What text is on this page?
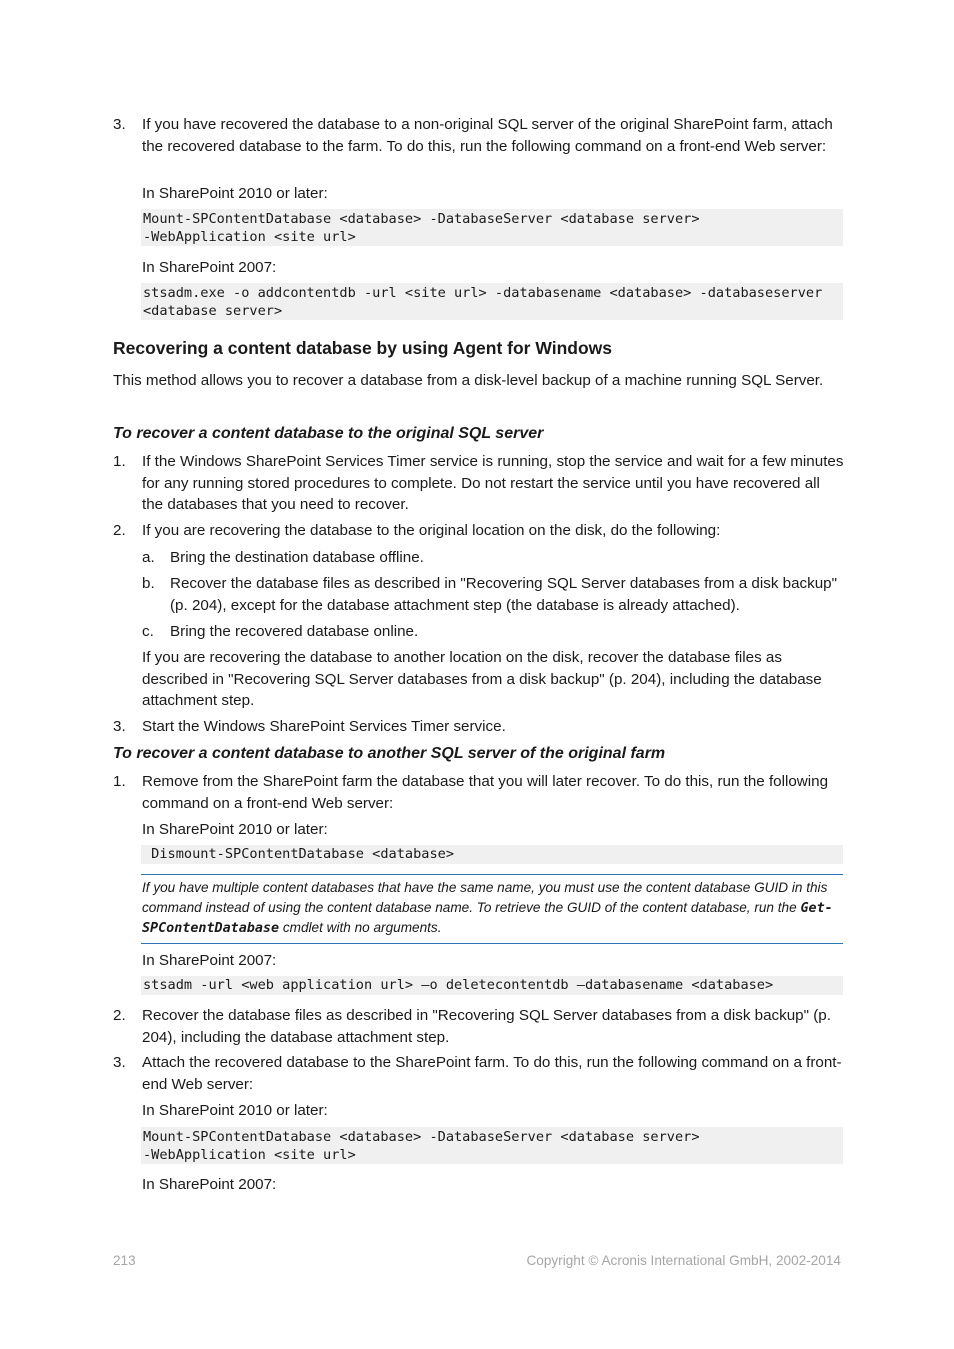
3. If you have recovered the database to a non-original SQL server of the original SharePoint farm, attach the recovered database to the farm. To do this, run the following command on a front-end Web server:
In SharePoint 2010 or later:
Mount-SPContentDatabase <database> -DatabaseServer <database server>
-WebApplication <site url>
In SharePoint 2007:
stsadm.exe -o addcontentdb -url <site url> -databasename <database> -databaseserver
<database server>
Recovering a content database by using Agent for Windows
This method allows you to recover a database from a disk-level backup of a machine running SQL Server.
To recover a content database to the original SQL server
1. If the Windows SharePoint Services Timer service is running, stop the service and wait for a few minutes for any running stored procedures to complete. Do not restart the service until you have recovered all the databases that you need to recover.
2. If you are recovering the database to the original location on the disk, do the following:
a. Bring the destination database offline.
b. Recover the database files as described in "Recovering SQL Server databases from a disk backup" (p. 204), except for the database attachment step (the database is already attached).
c. Bring the recovered database online.
If you are recovering the database to another location on the disk, recover the database files as described in "Recovering SQL Server databases from a disk backup" (p. 204), including the database attachment step.
3. Start the Windows SharePoint Services Timer service.
To recover a content database to another SQL server of the original farm
1. Remove from the SharePoint farm the database that you will later recover. To do this, run the following command on a front-end Web server:
In SharePoint 2010 or later:
Dismount-SPContentDatabase <database>
If you have multiple content databases that have the same name, you must use the content database GUID in this command instead of using the content database name. To retrieve the GUID of the content database, run the Get-SPContentDatabase cmdlet with no arguments.
In SharePoint 2007:
stsadm -url <web application url> –o deletecontentdb –databasename <database>
2. Recover the database files as described in "Recovering SQL Server databases from a disk backup" (p. 204), including the database attachment step.
3. Attach the recovered database to the SharePoint farm. To do this, run the following command on a front-end Web server:
In SharePoint 2010 or later:
Mount-SPContentDatabase <database> -DatabaseServer <database server>
-WebApplication <site url>
In SharePoint 2007:
213	Copyright © Acronis International GmbH, 2002-2014
